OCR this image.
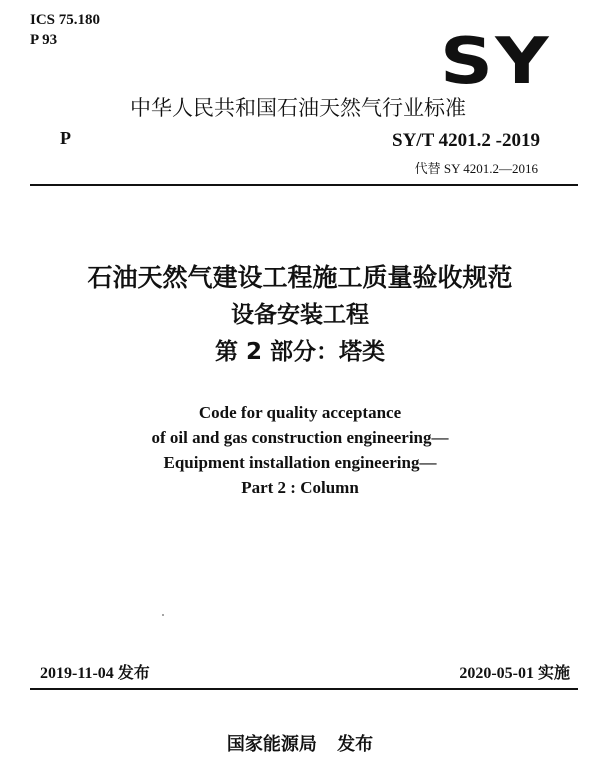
ICS 75.180
P 93	SY
中华人民共和国石油天然气行业标准
P	SY/T 4201.2 -2019
代替 SY 4201.2—2016
石油天然气建设工程施工质量验收规范
设备安装工程
第 2 部分：塔类
Code for quality acceptance
of oil and gas construction engineering—
Equipment installation engineering—
Part 2 : Column
2019-11-04 发布	2020-05-01 实施
国家能源局 发布
